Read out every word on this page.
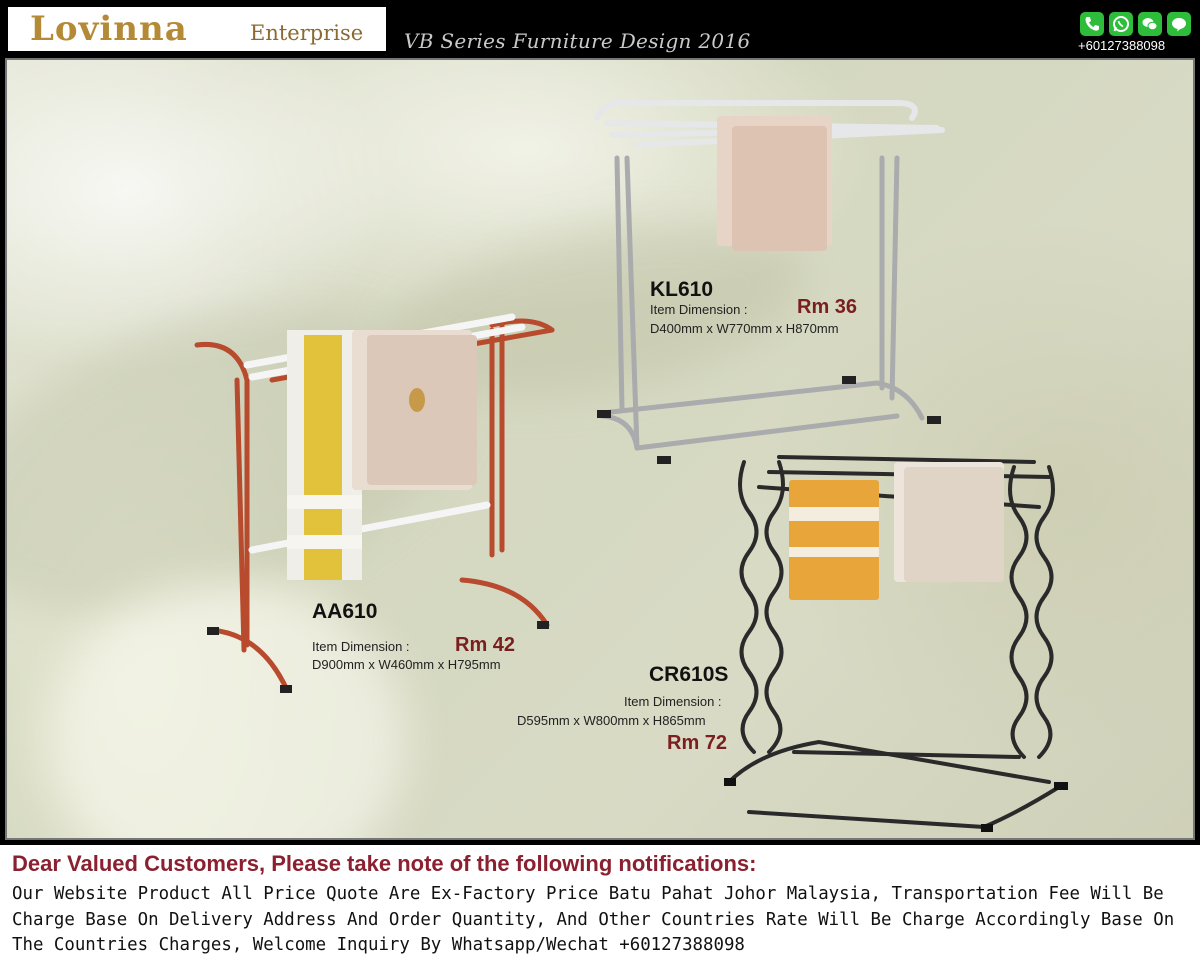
Lovinna	Enterprise VB Series Furniture Design 2016	+60127388098
KL610
Item Dimension : Rm 36
D400mm x W770mm x H870mm
AA610
Item Dimension : Rm 42
D900mm x W460mm x H795mm	CR610S
Item Dimension :
D595mm x W800mm x H865mm
Rm 72
Dear Valued Customers, Please take note of the following notifications:
Our Website Product All Price Quote Are Ex-Factory Price Batu Pahat Johor Malaysia, Transportation Fee Will Be Charge Base On Delivery Address And Order Quantity, And Other Countries Rate Will Be Charge Accordingly Base On The Countries Charges, Welcome Inquiry By Whatsapp/Wechat +60127388098
